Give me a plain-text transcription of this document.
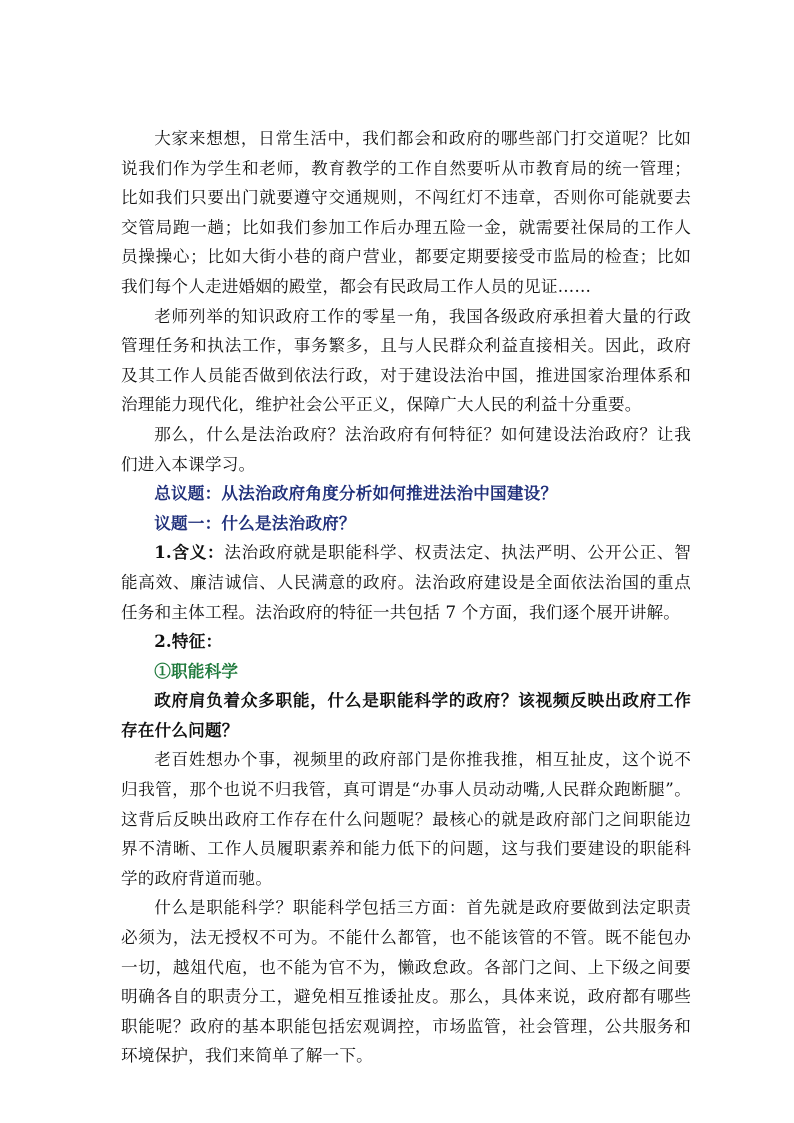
大家来想想，日常生活中，我们都会和政府的哪些部门打交道呢？比如说我们作为学生和老师，教育教学的工作自然要听从市教育局的统一管理；比如我们只要出门就要遵守交通规则，不闯红灯不违章，否则你可能就要去交管局跑一趟；比如我们参加工作后办理五险一金，就需要社保局的工作人员操操心；比如大街小巷的商户营业，都要定期要接受市监局的检查；比如我们每个人走进婚姻的殿堂，都会有民政局工作人员的见证……

老师列举的知识政府工作的零星一角，我国各级政府承担着大量的行政管理任务和执法工作，事务繁多，且与人民群众利益直接相关。因此，政府及其工作人员能否做到依法行政，对于建设法治中国，推进国家治理体系和治理能力现代化，维护社会公平正义，保障广大人民的利益十分重要。

那么，什么是法治政府？法治政府有何特征？如何建设法治政府？让我们进入本课学习。

总议题：从法治政府角度分析如何推进法治中国建设？

议题一：什么是法治政府？

1.含义：法治政府就是职能科学、权责法定、执法严明、公开公正、智能高效、廉洁诚信、人民满意的政府。法治政府建设是全面依法治国的重点任务和主体工程。法治政府的特征一共包括 7 个方面，我们逐个展开讲解。

2.特征：

①职能科学

政府肩负着众多职能，什么是职能科学的政府？该视频反映出政府工作存在什么问题？

老百姓想办个事，视频里的政府部门是你推我推，相互扯皮，这个说不归我管，那个也说不归我管，真可谓是“办事人员动动嘴,人民群众跑断腿”。这背后反映出政府工作存在什么问题呢？最核心的就是政府部门之间职能边界不清晰、工作人员履职素养和能力低下的问题，这与我们要建设的职能科学的政府背道而驰。

什么是职能科学？职能科学包括三方面：首先就是政府要做到法定职责必须为，法无授权不可为。不能什么都管，也不能该管的不管。既不能包办一切，越俎代庖，也不能为官不为，懒政怠政。各部门之间、上下级之间要明确各自的职责分工，避免相互推诿扯皮。那么，具体来说，政府都有哪些职能呢？政府的基本职能包括宏观调控，市场监管，社会管理，公共服务和环境保护，我们来简单了解一下。
